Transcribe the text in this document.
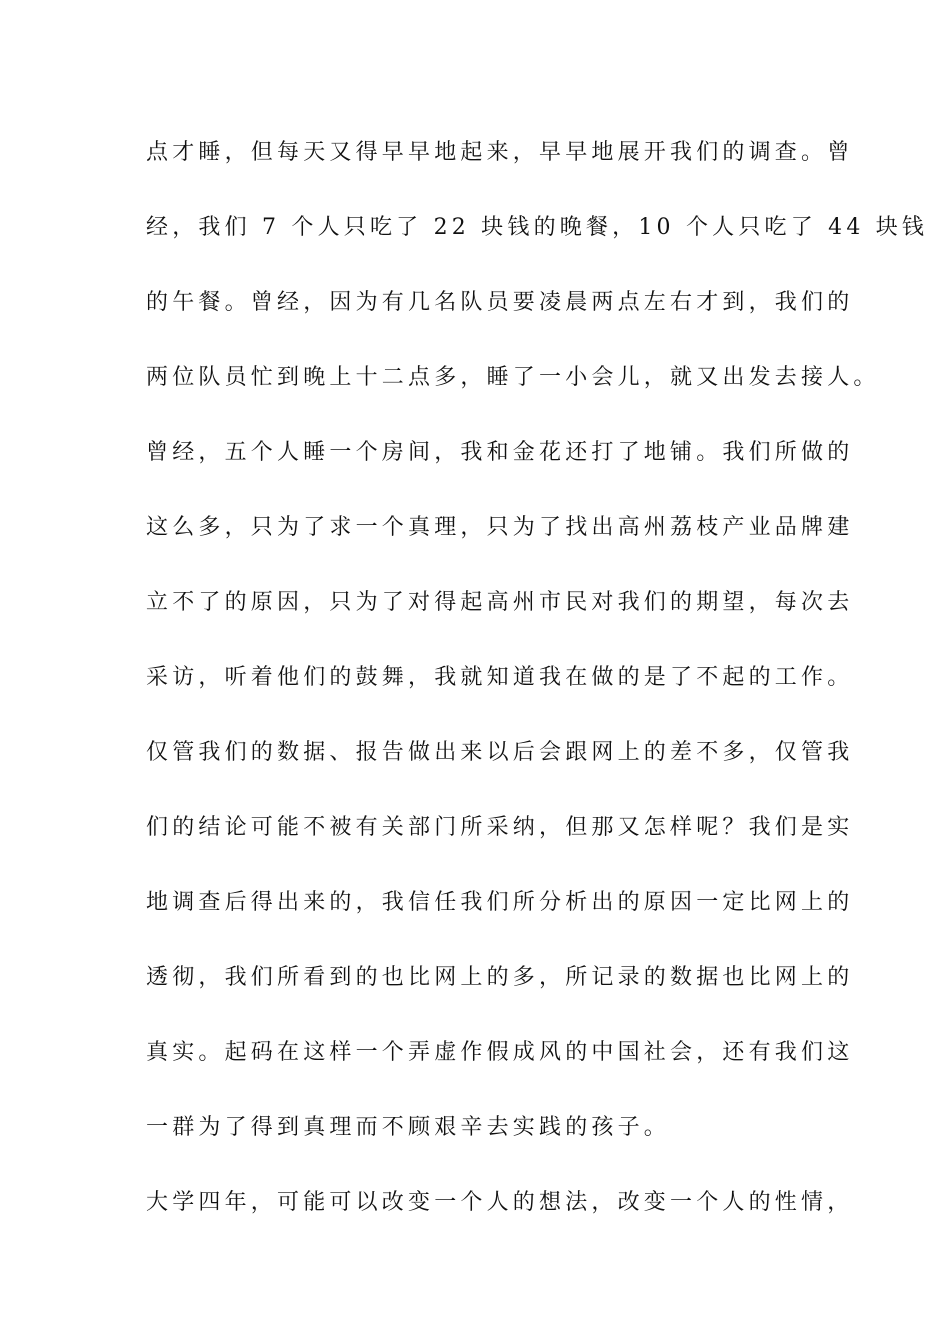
点才睡，但每天又得早早地起来，早早地展开我们的调查。曾
经，我们 7 个人只吃了 22 块钱的晚餐，10 个人只吃了 44 块钱
的午餐。曾经，因为有几名队员要凌晨两点左右才到，我们的
两位队员忙到晚上十二点多，睡了一小会儿，就又出发去接人。
曾经，五个人睡一个房间，我和金花还打了地铺。我们所做的
这么多，只为了求一个真理，只为了找出高州荔枝产业品牌建
立不了的原因，只为了对得起高州市民对我们的期望，每次去
采访，听着他们的鼓舞，我就知道我在做的是了不起的工作。
仅管我们的数据、报告做出来以后会跟网上的差不多，仅管我
们的结论可能不被有关部门所采纳，但那又怎样呢？我们是实
地调查后得出来的，我信任我们所分析出的原因一定比网上的
透彻，我们所看到的也比网上的多，所记录的数据也比网上的
真实。起码在这样一个弄虚作假成风的中国社会，还有我们这
一群为了得到真理而不顾艰辛去实践的孩子。
大学四年，可能可以改变一个人的想法，改变一个人的性情，
